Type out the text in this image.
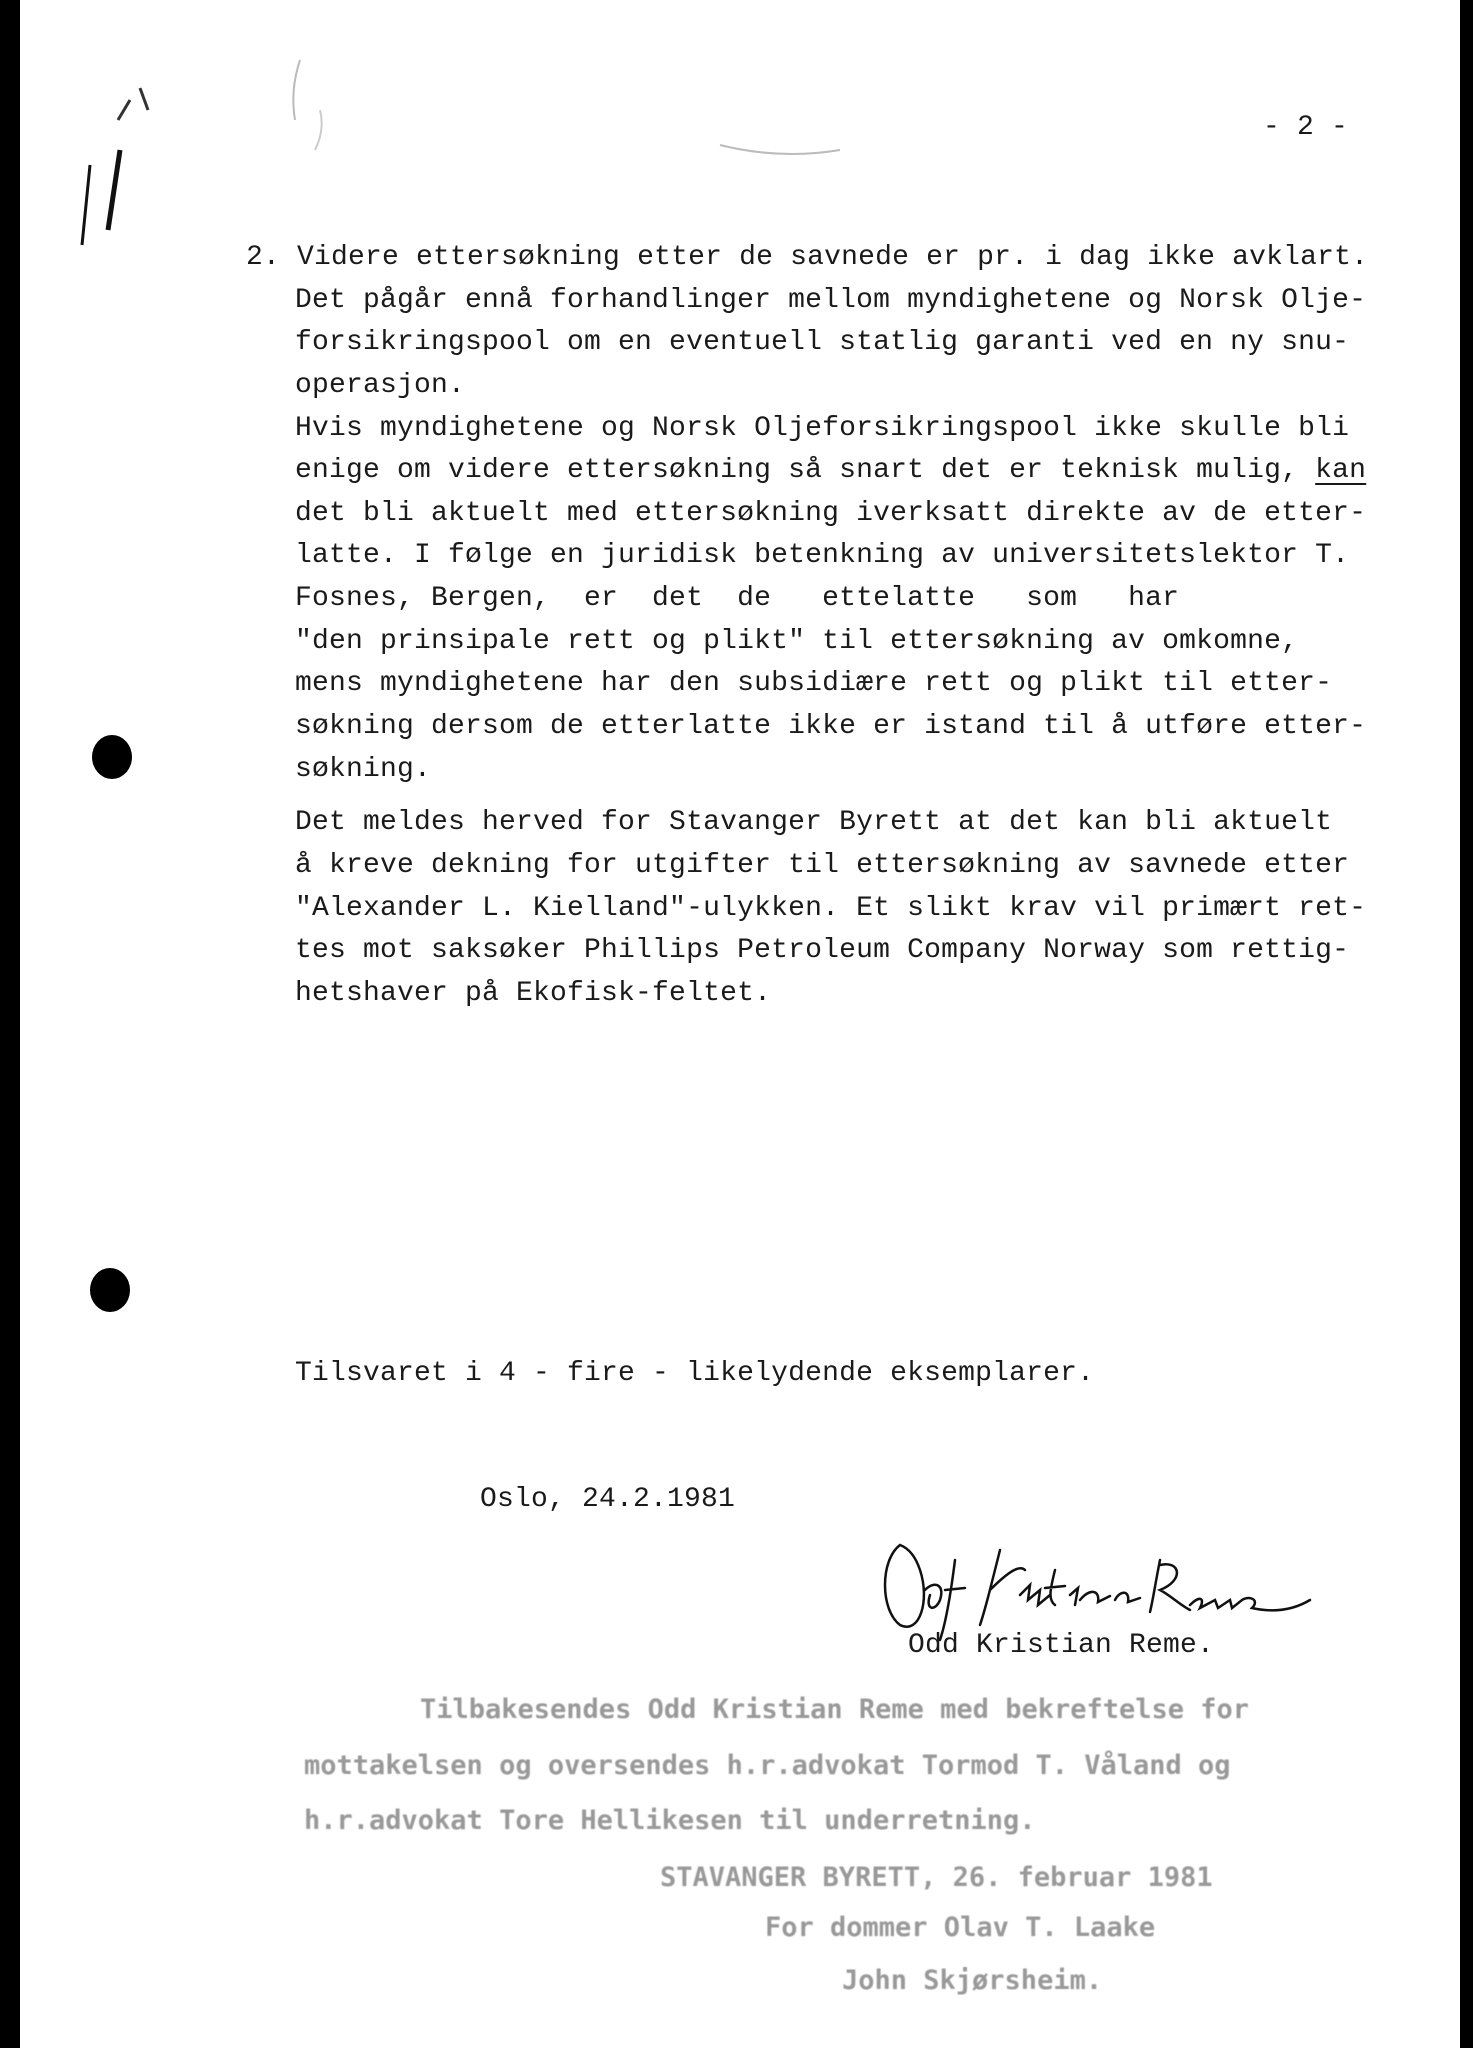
- 2 -
2. Videre ettersøkning etter de savnede er pr. i dag ikke avklart.
Det pågår ennå forhandlinger mellom myndighetene og Norsk Olje-
forsikringspool om en eventuell statlig garanti ved en ny snu-
operasjon.
Hvis myndighetene og Norsk Oljeforsikringspool ikke skulle bli
enige om videre ettersøkning så snart det er teknisk mulig, kan
det bli aktuelt med ettersøkning iverksatt direkte av de etter-
latte. I følge en juridisk betenkning av universitetslektor T.
Fosnes, Bergen,  er  det  de   ettelatte   som   har
"den prinsipale rett og plikt" til ettersøkning av omkomne,
mens myndighetene har den subsidiære rett og plikt til etter-
søkning dersom de etterlatte ikke er istand til å utføre etter-
søkning.
Det meldes herved for Stavanger Byrett at det kan bli aktuelt
å kreve dekning for utgifter til ettersøkning av savnede etter
"Alexander L. Kielland"-ulykken. Et slikt krav vil primært ret-
tes mot saksøker Phillips Petroleum Company Norway som rettig-
hetshaver på Ekofisk-feltet.
Tilsvaret i 4 - fire - likelydende eksemplarer.
Oslo, 24.2.1981
Odd Kristian Reme.
Tilbakesendes Odd Kristian Reme med bekreftelse for
mottakelsen og oversendes h.r.advokat Tormod T. Våland og
h.r.advokat Tore Hellikesen til underretning.
STAVANGER BYRETT, 26. februar 1981
For dommer Olav T. Laake
John Skjørsheim.
